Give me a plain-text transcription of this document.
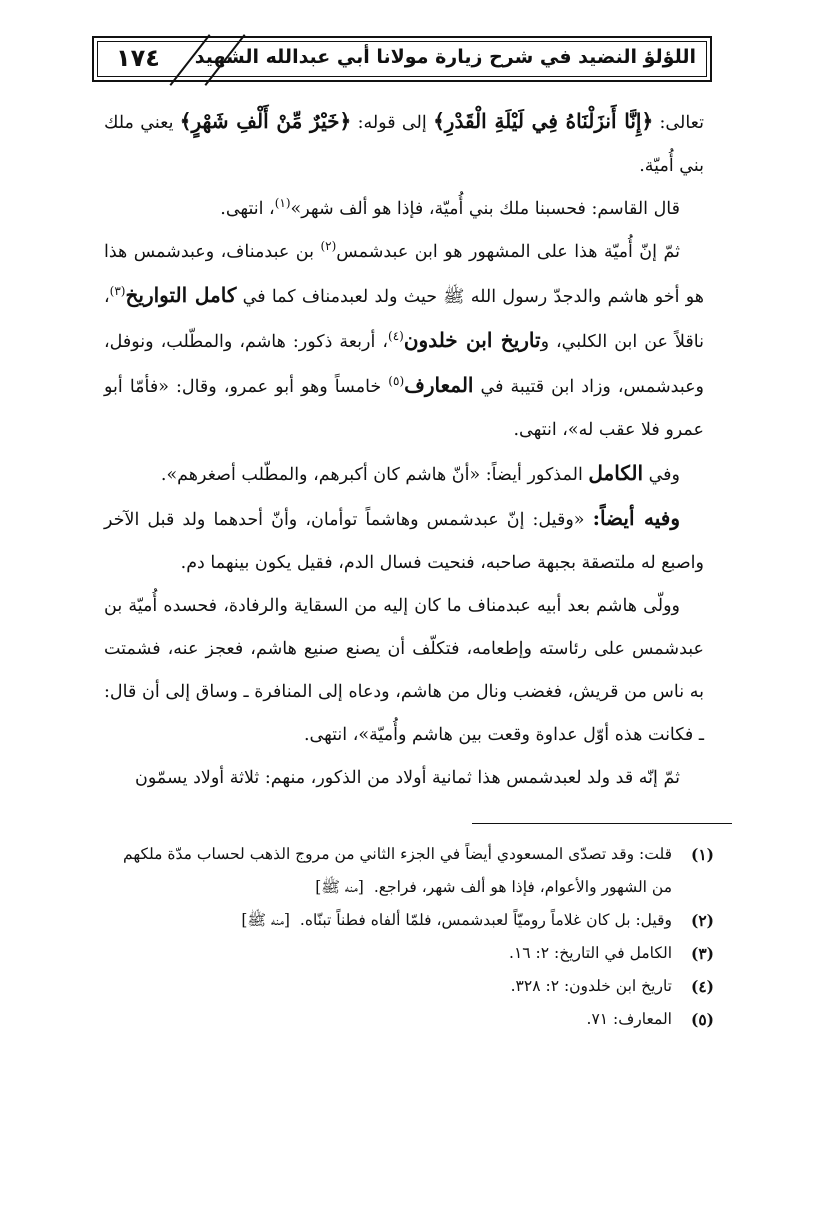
اللؤلؤ النضيد في شرح زيارة مولانا أبي عبدالله الشهيد
١٧٤

تعالى: ﴿إِنَّا أَنزَلْنَاهُ فِي لَيْلَةِ الْقَدْرِ﴾ إلى قوله: ﴿خَيْرٌ مِّنْ أَلْفِ شَهْرٍ﴾ يعني ملك بني أُميّة.

قال القاسم: فحسبنا ملك بني أُميّة، فإذا هو ألف شهر»$^{(١)}$، انتهى.

ثمّ إنّ أُميّة هذا على المشهور هو ابن عبدشمس$^{(٢)}$ بن عبدمناف، وعبدشمس هذا هو أخو هاشم والدجدّ رسول الله ﷺ حيث ولد لعبدمناف كما في كامل التواريخ$^{(٣)}$، ناقلاً عن ابن الكلبي، وتاريخ ابن خلدون$^{(٤)}$، أربعة ذكور: هاشم، والمطّلب، ونوفل، وعبدشمس، وزاد ابن قتيبة في المعارف$^{(٥)}$ خامساً وهو أبو عمرو، وقال: «فأمّا أبو عمرو فلا عقب له»، انتهى.

وفي الكامل المذكور أيضاً: «أنّ هاشم كان أكبرهم، والمطّلب أصغرهم».

وفيه أيضاً: «وقيل: إنّ عبدشمس وهاشماً توأمان، وأنّ أحدهما ولد قبل الآخر واصبع له ملتصقة بجبهة صاحبه، فنحيت فسال الدم، فقيل يكون بينهما دم.

وولّى هاشم بعد أبيه عبدمناف ما كان إليه من السقاية والرفادة، فحسده أُميّة بن عبدشمس على رئاسته وإطعامه، فتكلّف أن يصنع صنيع هاشم، فعجز عنه، فشمتت به ناس من قريش، فغضب ونال من هاشم، ودعاه إلى المنافرة ـ وساق إلى أن قال: ـ فكانت هذه أوّل عداوة وقعت بين هاشم وأُميّة»، انتهى.

ثمّ إنّه قد ولد لعبدشمس هذا ثمانية أولاد من الذكور، منهم: ثلاثة أولاد يسمّون

(١)
قلت: وقد تصدّى المسعودي أيضاً في الجزء الثاني من مروج الذهب لحساب مدّة ملكهم من الشهور والأعوام، فإذا هو ألف شهر، فراجع.[منه ﷺ]
(٢)
وقيل: بل كان غلاماً روميّاً لعبدشمس، فلمّا ألفاه فطناً تبنّاه.[منه ﷺ]
(٣)
الكامل في التاريخ: ٢: ١٦.
(٤)
تاريخ ابن خلدون: ٢: ٣٢٨.
(٥)
المعارف: ٧١.
